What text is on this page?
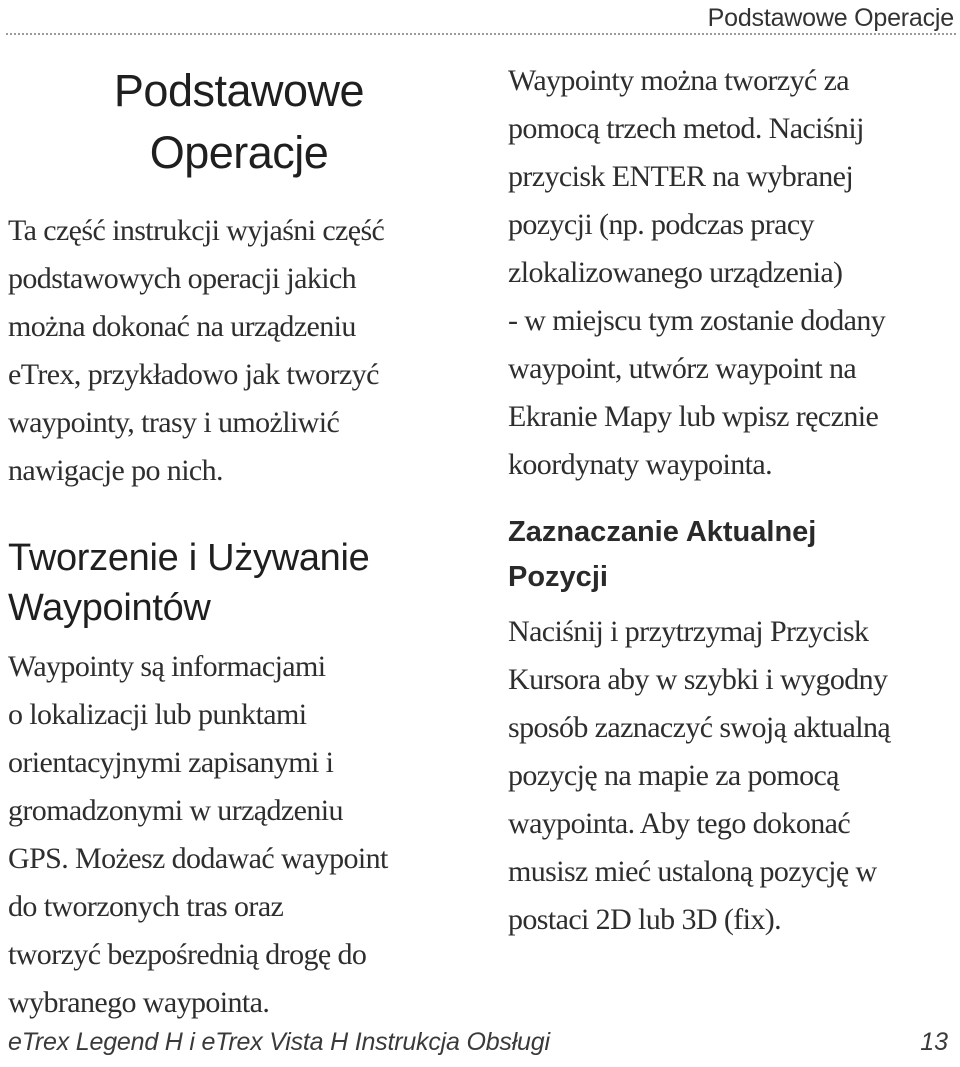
Podstawowe Operacje
Podstawowe
Operacje

Ta część instrukcji wyjaśni część
podstawowych operacji jakich
można dokonać na urządzeniu
eTrex, przykładowo jak tworzyć
waypointy, trasy i umożliwić
nawigacje po nich.

Tworzenie i Używanie
Waypointów

Waypointy są informacjami
o lokalizacji lub punktami
orientacyjnymi zapisanymi i
gromadzonymi w urządzeniu
GPS. Możesz dodawać waypoint
do tworzonych tras oraz
tworzyć bezpośrednią drogę do
wybranego waypointa.

Waypointy można tworzyć za
pomocą trzech metod. Naciśnij
przycisk ENTER na wybranej
pozycji (np. podczas pracy
zlokalizowanego urządzenia)
- w miejscu tym zostanie dodany
waypoint, utwórz waypoint na
Ekranie Mapy lub wpisz ręcznie
koordynaty waypointa.

Zaznaczanie Aktualnej
Pozycji

Naciśnij i przytrzymaj Przycisk
Kursora aby w szybki i wygodny
sposób zaznaczyć swoją aktualną
pozycję na mapie za pomocą
waypointa. Aby tego dokonać
musisz mieć ustaloną pozycję w
postaci 2D lub 3D (fix).

eTrex Legend H i eTrex Vista H Instrukcja Obsługi	13
